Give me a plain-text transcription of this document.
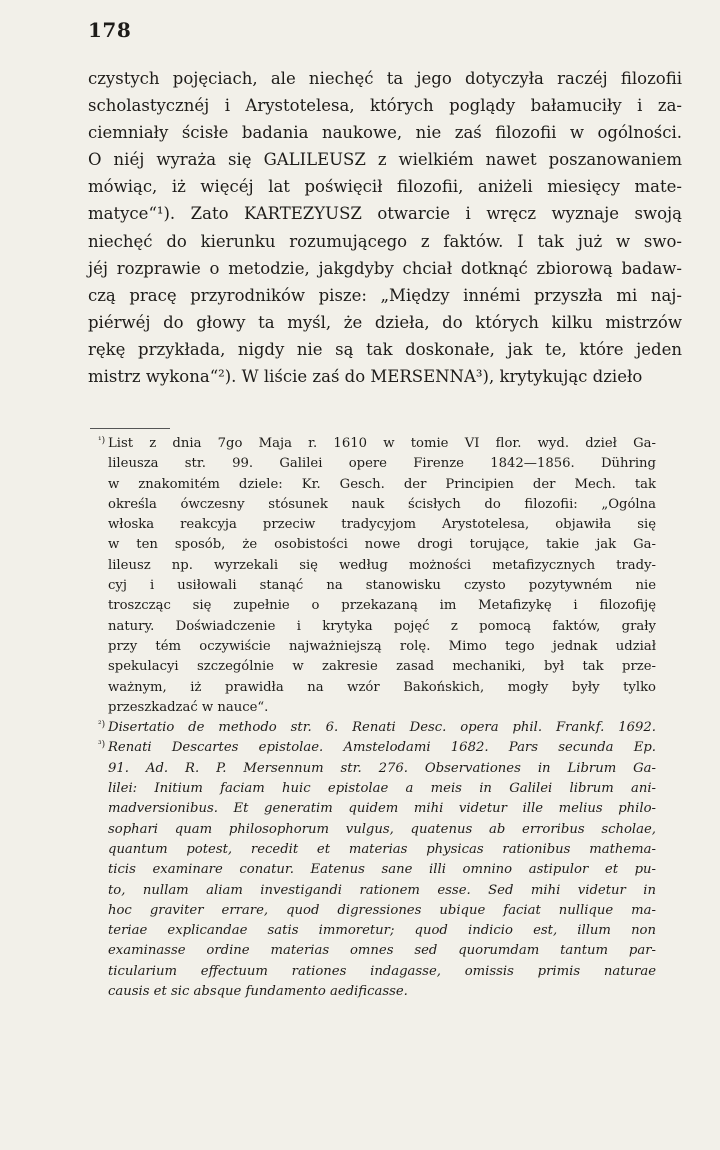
178
czystych pojęciach, ale niechęć ta jego dotyczyła raczéj filozofii
scholastycznéj i Arystotelesa, których poglądy bałamuciły i za-
ciemniały ścisłe badania naukowe, nie zaś filozofii w ogólności.
O niéj wyraża się GALILEUSZ z wielkiém nawet poszanowaniem
mówiąc, iż więcéj lat poświęcił filozofii, aniżeli miesięcy mate-
matyce“¹). Zato KARTEZYUSZ otwarcie i wręcz wyznaje swoją
niechęć do kierunku rozumującego z faktów. I tak już w swo-
jéj rozprawie o metodzie, jakgdyby chciał dotknąć zbiorową badaw-
czą pracę przyrodników pisze: „Między innémi przyszła mi naj-
piérwéj do głowy ta myśl, że dzieła, do których kilku mistrzów
rękę przykłada, nigdy nie są tak doskonałe, jak te, które jeden
mistrz wykona“²). W liście zaś do MERSENNA³), krytykując dzieło
¹) List z dnia 7go Maja r. 1610 w tomie VI flor. wyd. dzieł Ga-
lileusza str. 99. Galilei opere Firenze 1842—1856. Dühring
w znakomitém dziele: Kr. Gesch. der Principien der Mech. tak
określa ówczesny stósunek nauk ścisłych do filozofii: „Ogólna
włoska reakcyja przeciw tradycyjom Arystotelesa, objawiła się
w ten sposób, że osobistości nowe drogi torujące, takie jak Ga-
lileusz np. wyrzekali się według możności metafizycznych trady-
cyj i usiłowali stanąć na stanowisku czysto pozytywném nie
troszcząc się zupełnie o przekazaną im Metafizykę i filozofiję
natury. Doświadczenie i krytyka pojęć z pomocą faktów, grały
przy tém oczywiście najważniejszą rolę. Mimo tego jednak udział
spekulacyi szczególnie w zakresie zasad mechaniki, był tak prze-
ważnym, iż prawidła na wzór Bakońskich, mogły były tylko
przeszkadzać w nauce“.
²) Disertatio de methodo str. 6. Renati Desc. opera phil. Frankf. 1692.
³) Renati Descartes epistolae. Amstelodami 1682. Pars secunda Ep.
91. Ad. R. P. Mersennum str. 276. Observationes in Librum Ga-
lilei: Initium faciam huic epistolae a meis in Galilei librum ani-
madversionibus. Et generatim quidem mihi videtur ille melius philo-
sophari quam philosophorum vulgus, quatenus ab erroribus scholae,
quantum potest, recedit et materias physicas rationibus mathema-
ticis examinare conatur. Eatenus sane illi omnino astipulor et pu-
to, nullam aliam investigandi rationem esse. Sed mihi videtur in
hoc graviter errare, quod digressiones ubique faciat nullique ma-
teriae explicandae satis immoretur; quod indicio est, illum non
examinasse ordine materias omnes sed quorumdam tantum par-
ticularium effectuum rationes indagasse, omissis primis naturae
causis et sic absque fundamento aedificasse.
